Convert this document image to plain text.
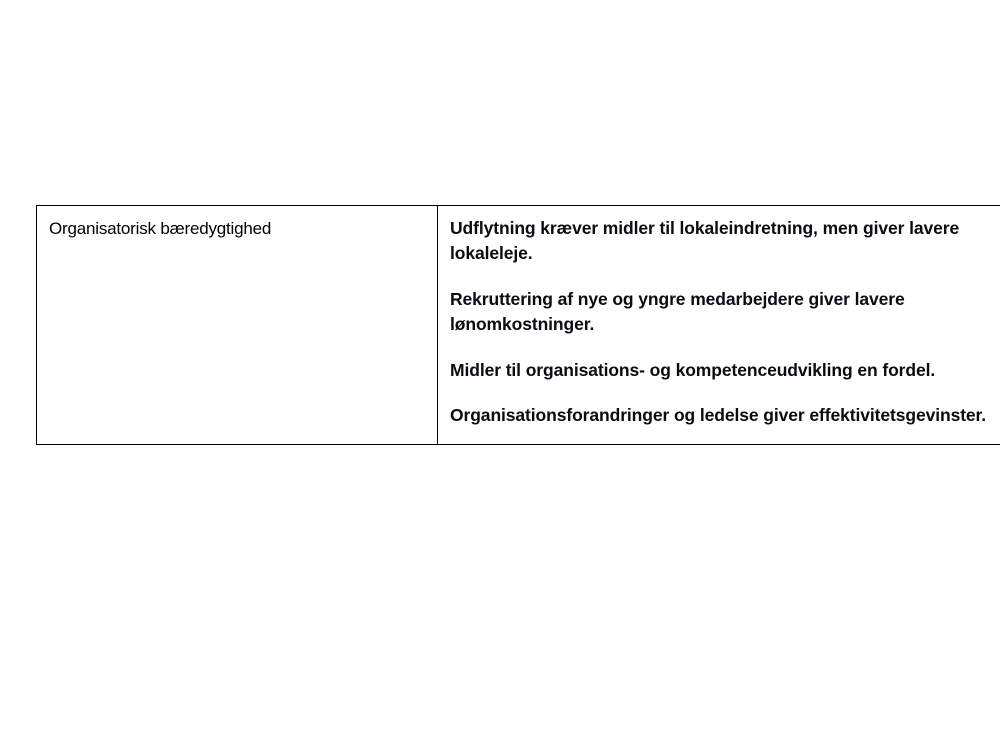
Organisatorisk bæredygtighed	Udflytning kræver midler til lokaleindretning, men giver lavere lokaleleje.

Rekruttering af nye og yngre medarbejdere giver lavere lønomkostninger.

Midler til organisations- og kompetenceudvikling en fordel.

Organisationsforandringer og ledelse giver effektivitetsgevinster.
